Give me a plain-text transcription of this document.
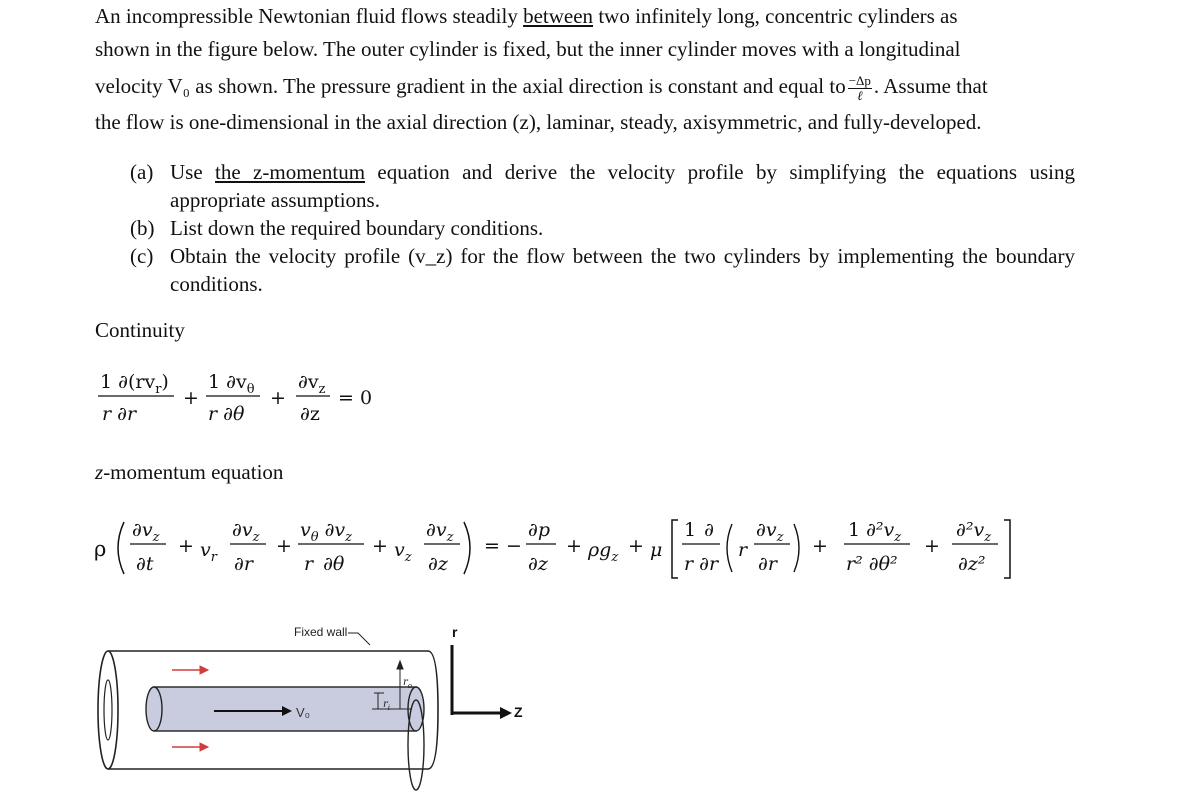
An incompressible Newtonian fluid flows steadily between two infinitely long, concentric cylinders as
shown in the figure below. The outer cylinder is fixed, but the inner cylinder moves with a longitudinal
velocity V₀ as shown. The pressure gradient in the axial direction is constant and equal to $\frac{-\Delta p}{\text{ℓ}}$ . Assume that
the flow is one-dimensional in the axial direction (z), laminar, steady, axisymmetric, and fully-developed.
(a) Use the z-momentum equation and derive the velocity profile by simplifying the equations using appropriate assumptions.
(b) List down the required boundary conditions.
(c) Obtain the velocity profile (v_z) for the flow between the two cylinders by implementing the boundary conditions.
Continuity
1 $\partial(rv_r)$
r ∂r
+
1 $\partial v_\theta$
r ∂θ
+
$\partial v_z$
∂z
= 0
z-momentum equation
ρ
$\partial v_z$
∂t
+ $v_r$
$\partial v_z$
∂r
+
$v_\theta$ $\partial v_z$
r ∂θ
+ $v_z$
$\partial v_z$
∂z
= −
∂p
∂z
+ $\rho g_z$
+ μ
1 ∂
r ∂r
r
$\partial v_z$
∂r
+
1 $\partial^2v_z$
r² ∂θ²
+
$\partial^2v_z$
∂z²
V₀
Fixed wall
$r_o$
$r_i$
r
Z
